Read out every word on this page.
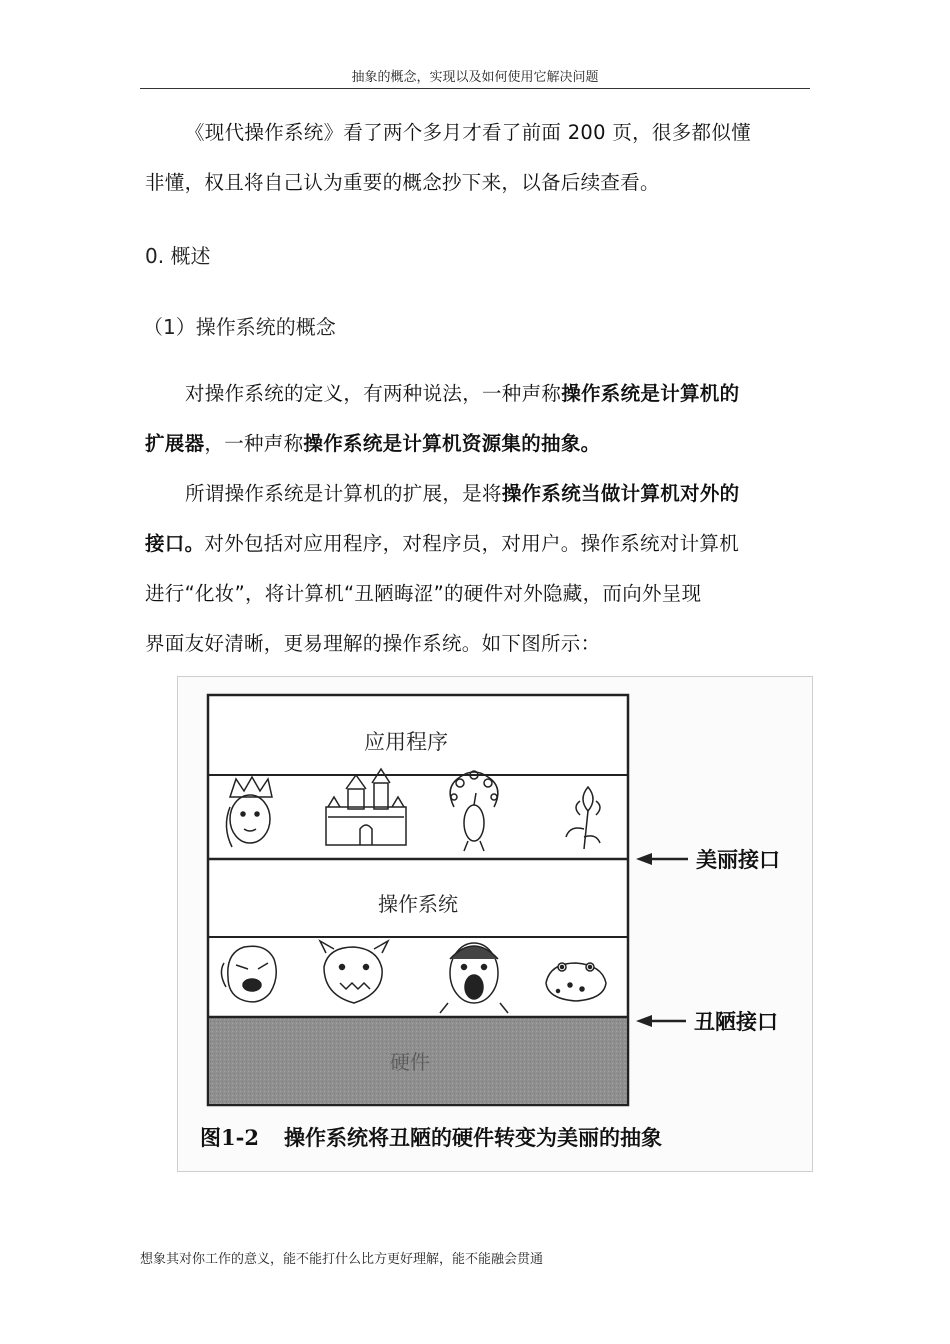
抽象的概念，实现以及如何使用它解决问题
《现代操作系统》看了两个多月才看了前面 200 页，很多都似懂
非懂，权且将自己认为重要的概念抄下来，以备后续查看。
0. 概述
（1）操作系统的概念
对操作系统的定义，有两种说法，一种声称操作系统是计算机的
扩展器，一种声称操作系统是计算机资源集的抽象。
所谓操作系统是计算机的扩展，是将操作系统当做计算机对外的
接口。对外包括对应用程序，对程序员，对用户。操作系统对计算机
进行“化妆”，将计算机“丑陋晦涩”的硬件对外隐藏，而向外呈现
界面友好清晰，更易理解的操作系统。如下图所示：
应用程序
操作系统
硬件
美丽接口
丑陋接口
图1-2 操作系统将丑陋的硬件转变为美丽的抽象
想象其对你工作的意义，能不能打什么比方更好理解，能不能融会贯通
